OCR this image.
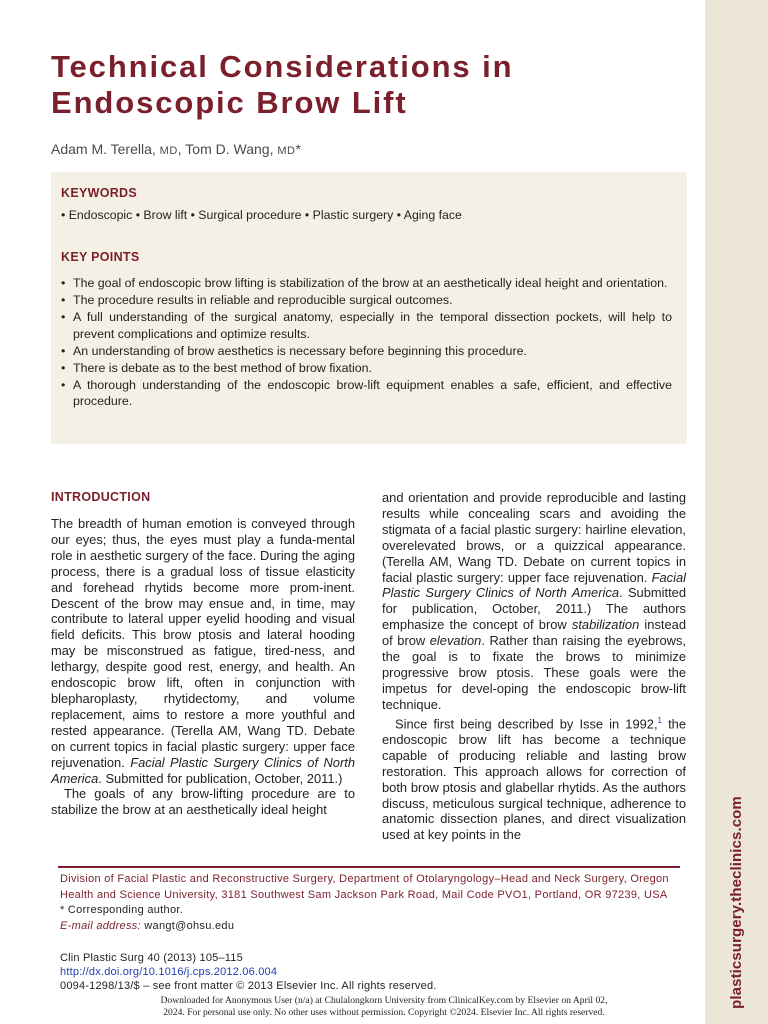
plasticsurgery.theclinics.com
Technical Considerations in
Endoscopic Brow Lift
Adam M. Terella, MD, Tom D. Wang, MD*
KEYWORDS
• Endoscopic • Brow lift • Surgical procedure • Plastic surgery • Aging face
KEY POINTS
• The goal of endoscopic brow lifting is stabilization of the brow at an aesthetically ideal height and orientation.
• The procedure results in reliable and reproducible surgical outcomes.
• A full understanding of the surgical anatomy, especially in the temporal dissection pockets, will help to prevent complications and optimize results.
• An understanding of brow aesthetics is necessary before beginning this procedure.
• There is debate as to the best method of brow fixation.
• A thorough understanding of the endoscopic brow-lift equipment enables a safe, efficient, and effective procedure.
INTRODUCTION

The breadth of human emotion is conveyed through our eyes; thus, the eyes must play a funda-mental role in aesthetic surgery of the face. During the aging process, there is a gradual loss of tissue elasticity and forehead rhytids become more prom-inent. Descent of the brow may ensue and, in time, may contribute to lateral upper eyelid hooding and visual field deficits. This brow ptosis and lateral hooding may be misconstrued as fatigue, tired-ness, and lethargy, despite good rest, energy, and health. An endoscopic brow lift, often in conjunction with blepharoplasty, rhytidectomy, and volume replacement, aims to restore a more youthful and rested appearance. (Terella AM, Wang TD. Debate on current topics in facial plastic surgery: upper face rejuvenation. Facial Plastic Surgery Clinics of North America. Submitted for publication, October, 2011.)

The goals of any brow-lifting procedure are to stabilize the brow at an aesthetically ideal height

and orientation and provide reproducible and lasting results while concealing scars and avoiding the stigmata of a facial plastic surgery: hairline elevation, overelevated brows, or a quizzical appearance. (Terella AM, Wang TD. Debate on current topics in facial plastic surgery: upper face rejuvenation. Facial Plastic Surgery Clinics of North America. Submitted for publication, October, 2011.) The authors emphasize the concept of brow stabilization instead of brow elevation. Rather than raising the eyebrows, the goal is to fixate the brows to minimize progressive brow ptosis. These goals were the impetus for devel-oping the endoscopic brow-lift technique.

Since first being described by Isse in 1992,$^1$ the endoscopic brow lift has become a technique capable of producing reliable and lasting brow restoration. This approach allows for correction of both brow ptosis and glabellar rhytids. As the authors discuss, meticulous surgical technique, adherence to anatomic dissection planes, and direct visualization used at key points in the

Division of Facial Plastic and Reconstructive Surgery, Department of Otolaryngology–Head and Neck Surgery, Oregon Health and Science University, 3181 Southwest Sam Jackson Park Road, Mail Code PVO1, Portland, OR 97239, USA

* Corresponding author.

E-mail address: wangt@ohsu.edu

Clin Plastic Surg 40 (2013) 105–115

http://dx.doi.org/10.1016/j.cps.2012.06.004

0094-1298/13/$ – see front matter © 2013 Elsevier Inc. All rights reserved.

Downloaded for Anonymous User (n/a) at Chulalongkorn University from ClinicalKey.com by Elsevier on April 02,

2024. For personal use only. No other uses without permission. Copyright ©2024. Elsevier Inc. All rights reserved.
